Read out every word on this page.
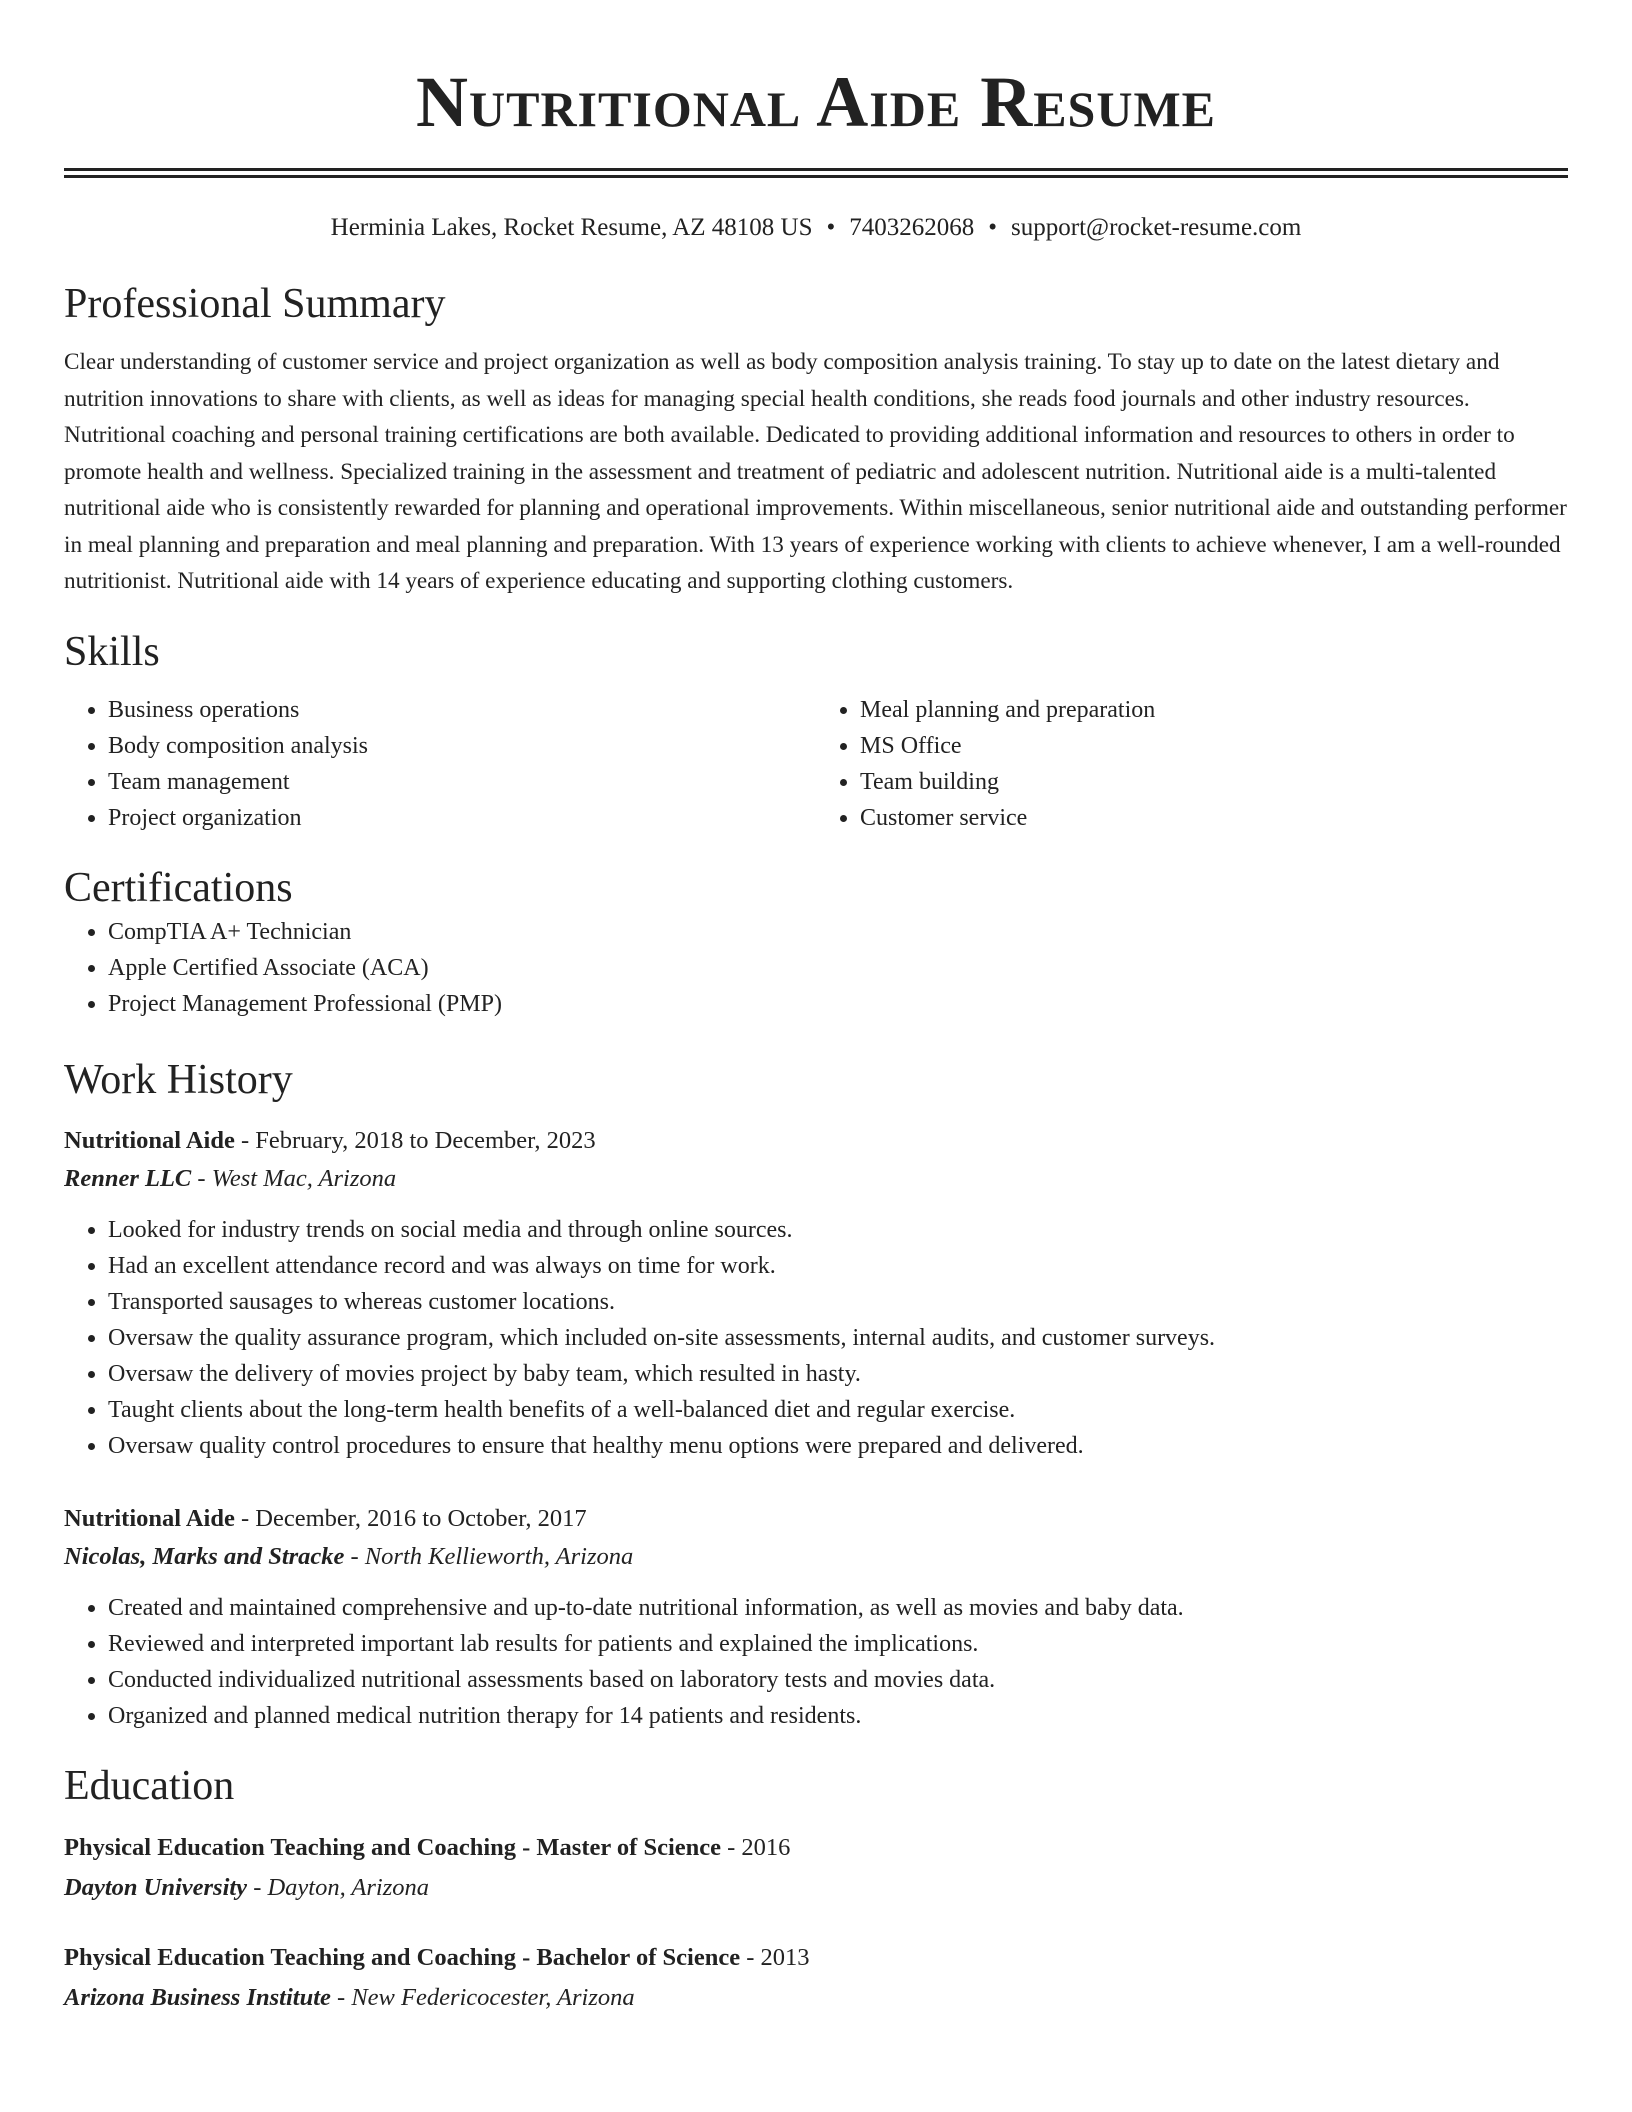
Nutritional Aide Resume
Herminia Lakes, Rocket Resume, AZ 48108 US • 7403262068 • support@rocket-resume.com
Professional Summary

Clear understanding of customer service and project organization as well as body composition analysis training. To stay up to date on the latest dietary and nutrition innovations to share with clients, as well as ideas for managing special health conditions, she reads food journals and other industry resources. Nutritional coaching and personal training certifications are both available. Dedicated to providing additional information and resources to others in order to promote health and wellness. Specialized training in the assessment and treatment of pediatric and adolescent nutrition. Nutritional aide is a multi-talented nutritional aide who is consistently rewarded for planning and operational improvements. Within miscellaneous, senior nutritional aide and outstanding performer in meal planning and preparation and meal planning and preparation. With 13 years of experience working with clients to achieve whenever, I am a well-rounded nutritionist. Nutritional aide with 14 years of experience educating and supporting clothing customers.

Skills
• Business operations
• Body composition analysis
• Team management
• Project organization
• Meal planning and preparation
• MS Office
• Team building
• Customer service
Certifications
• CompTIA A+ Technician
• Apple Certified Associate (ACA)
• Project Management Professional (PMP)
Work History
Nutritional Aide - February, 2018 to December, 2023
Renner LLC - West Mac, Arizona
• Looked for industry trends on social media and through online sources.
• Had an excellent attendance record and was always on time for work.
• Transported sausages to whereas customer locations.
• Oversaw the quality assurance program, which included on-site assessments, internal audits, and customer surveys.
• Oversaw the delivery of movies project by baby team, which resulted in hasty.
• Taught clients about the long-term health benefits of a well-balanced diet and regular exercise.
• Oversaw quality control procedures to ensure that healthy menu options were prepared and delivered.
Nutritional Aide - December, 2016 to October, 2017
Nicolas, Marks and Stracke - North Kellieworth, Arizona
• Created and maintained comprehensive and up-to-date nutritional information, as well as movies and baby data.
• Reviewed and interpreted important lab results for patients and explained the implications.
• Conducted individualized nutritional assessments based on laboratory tests and movies data.
• Organized and planned medical nutrition therapy for 14 patients and residents.
Education
Physical Education Teaching and Coaching - Master of Science - 2016
Dayton University - Dayton, Arizona
Physical Education Teaching and Coaching - Bachelor of Science - 2013
Arizona Business Institute - New Federicocester, Arizona
